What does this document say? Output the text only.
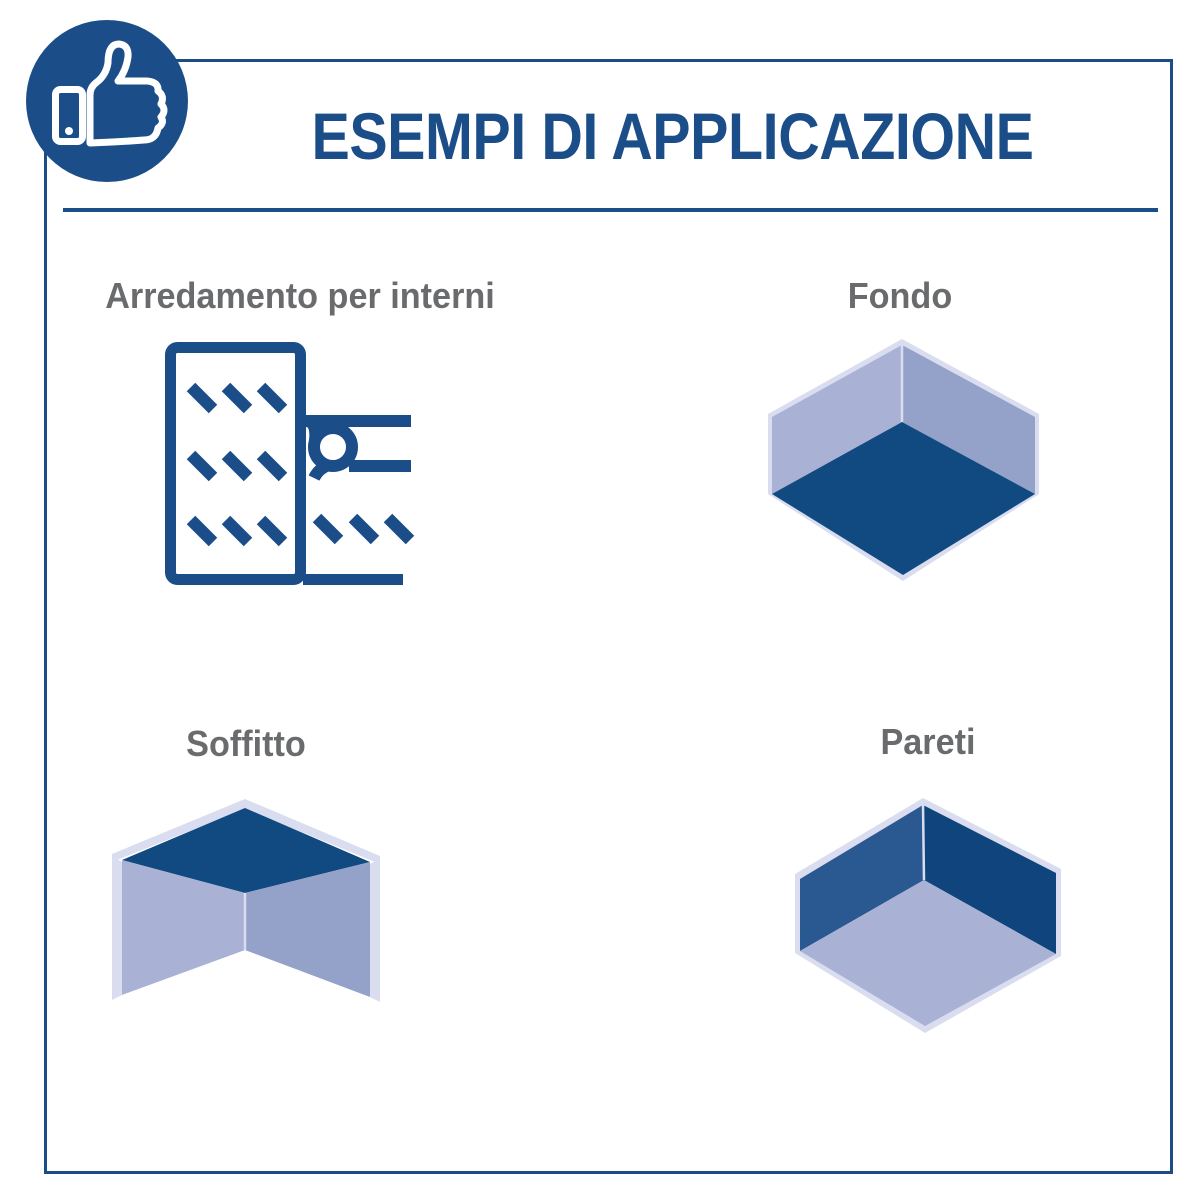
ESEMPI DI APPLICAZIONE
Arredamento per interni	Fondo
Soffitto	Pareti
